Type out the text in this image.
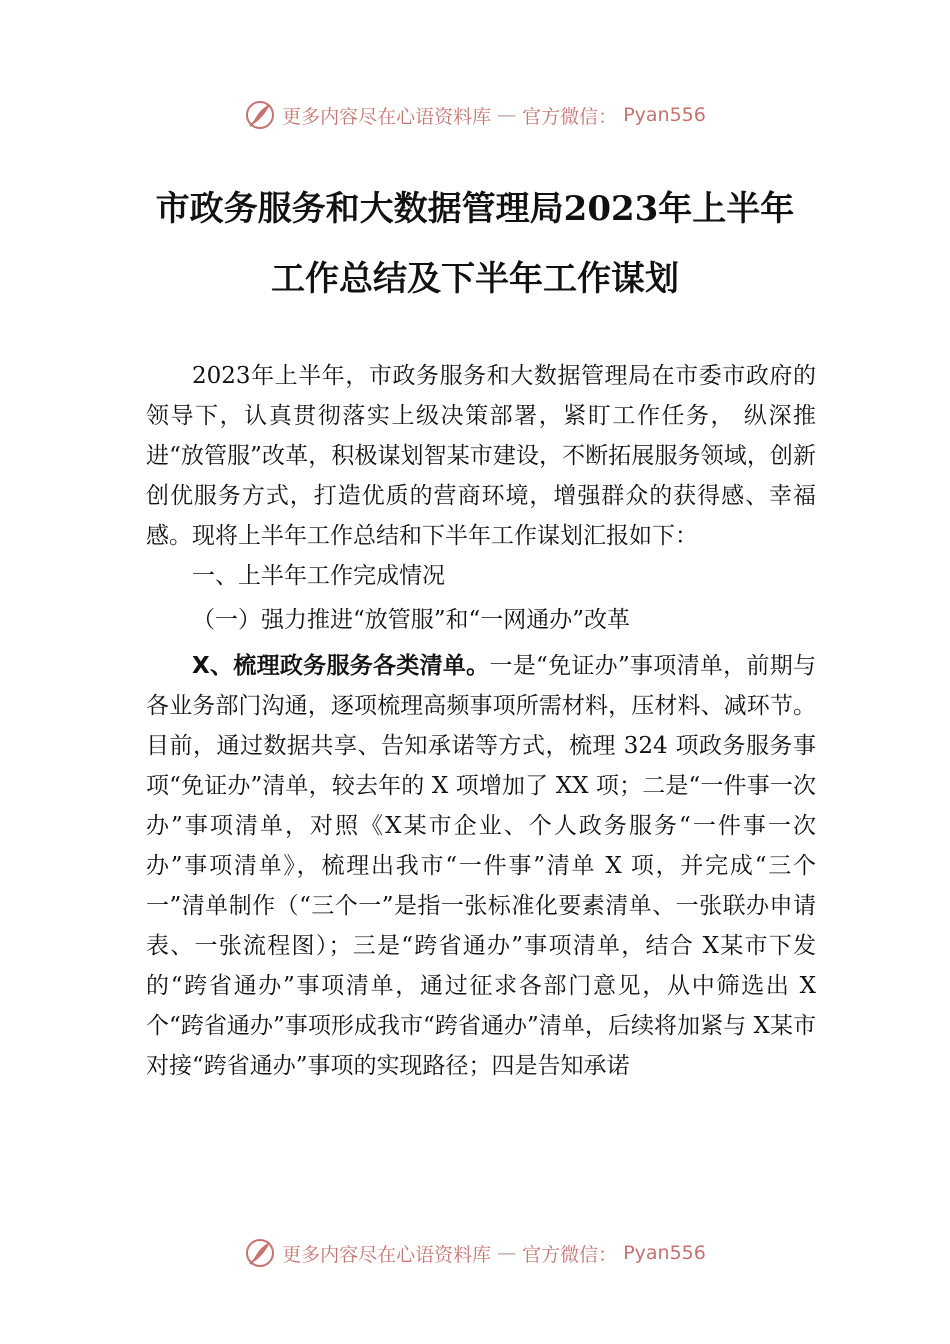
更多内容尽在心语资料库 — 官方微信： Pyan556
市政务服务和大数据管理局2023年上半年
工作总结及下半年工作谋划

2023年上半年，市政务服务和大数据管理局在市委市政府的领导下，认真贯彻落实上级决策部署，紧盯工作任务， 纵深推进“放管服”改革，积极谋划智某市建设，不断拓展服务领域，创新创优服务方式，打造优质的营商环境，增强群众的获得感、幸福感。现将上半年工作总结和下半年工作谋划汇报如下：

一、上半年工作完成情况

（一）强力推进“放管服”和“一网通办”改革

X、梳理政务服务各类清单。一是“免证办”事项清单，前期与各业务部门沟通，逐项梳理高频事项所需材料，压材料、减环节。目前，通过数据共享、告知承诺等方式，梳理 324 项政务服务事项“免证办”清单，较去年的 X 项增加了 XX 项；二是“一件事一次办”事项清单，对照《X某市企业、个人政务服务“一件事一次办”事项清单》，梳理出我市“一件事”清单 X 项，并完成“三个一”清单制作（“三个一”是指一张标准化要素清单、一张联办申请表、一张流程图）；三是“跨省通办”事项清单，结合 X某市下发的“跨省通办”事项清单，通过征求各部门意见，从中筛选出 X个“跨省通办”事项形成我市“跨省通办”清单，后续将加紧与 X某市对接“跨省通办”事项的实现路径；四是告知承诺

更多内容尽在心语资料库 — 官方微信： Pyan556
